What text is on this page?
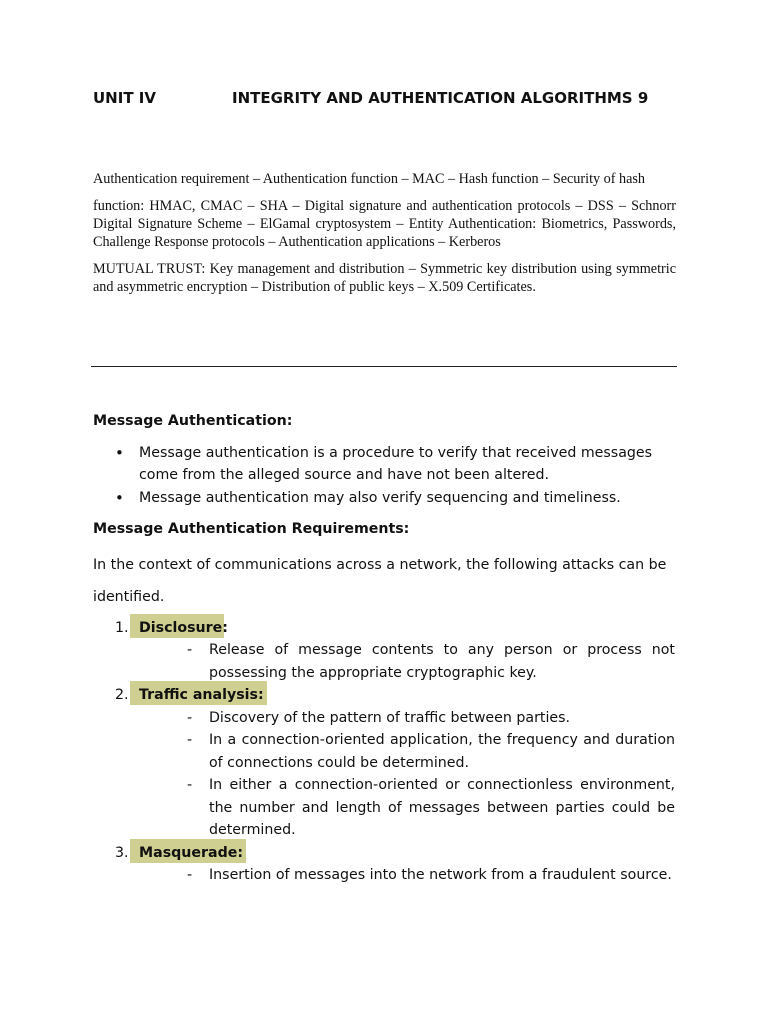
UNIT IV	INTEGRITY AND AUTHENTICATION ALGORITHMS 9

Authentication requirement – Authentication function – MAC – Hash function – Security of hash

function: HMAC, CMAC – SHA – Digital signature and authentication protocols – DSS – Schnorr Digital Signature Scheme – ElGamal cryptosystem – Entity Authentication: Biometrics, Passwords, Challenge Response protocols – Authentication applications – Kerberos

MUTUAL TRUST: Key management and distribution – Symmetric key distribution using symmetric and asymmetric encryption – Distribution of public keys – X.509 Certificates.

Message Authentication:

• Message authentication is a procedure to verify that received messages come from the alleged source and have not been altered.
• Message authentication may also verify sequencing and timeliness.

Message Authentication Requirements:

In the context of communications across a network, the following attacks can be identified.

1. Disclosure:
- Release of message contents to any person or process not possessing the appropriate cryptographic key.
2. Traffic analysis:
- Discovery of the pattern of traffic between parties.
- In a connection-oriented application, the frequency and duration of connections could be determined.
- In either a connection-oriented or connectionless environment, the number and length of messages between parties could be determined.
3. Masquerade:
- Insertion of messages into the network from a fraudulent source.
